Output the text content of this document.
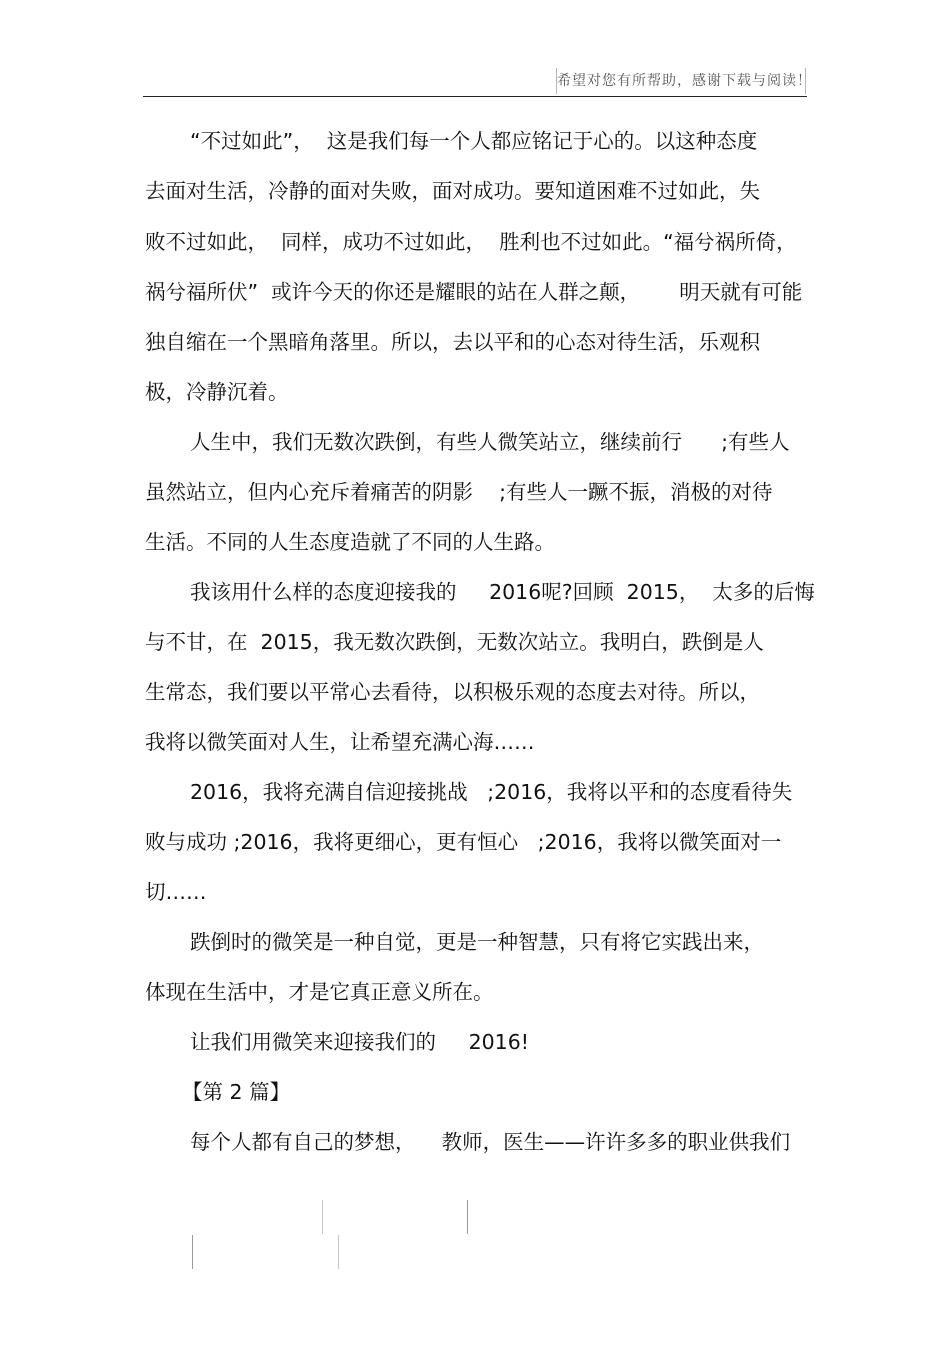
希望对您有所帮助，感谢下载与阅读！
“不过如此”，  这是我们每一个人都应铭记于心的。以这种态度
去面对生活，冷静的面对失败，面对成功。要知道困难不过如此，失
败不过如此，  同样，成功不过如此，  胜利也不过如此。“福兮祸所倚，
祸兮福所伏”  或许今天的你还是耀眼的站在人群之颠，      明天就有可能
独自缩在一个黑暗角落里。所以，去以平和的心态对待生活，乐观积
极，冷静沉着。
人生中，我们无数次跌倒，有些人微笑站立，继续前行      ;有些人
虽然站立，但内心充斥着痛苦的阴影    ;有些人一蹶不振，消极的对待
生活。不同的人生态度造就了不同的人生路。
我该用什么样的态度迎接我的     2016呢?回顾  2015，  太多的后悔
与不甘，在  2015，我无数次跌倒，无数次站立。我明白，跌倒是人
生常态，我们要以平常心去看待，以积极乐观的态度去对待。所以，
我将以微笑面对人生，让希望充满心海……
2016，我将充满自信迎接挑战   ;2016，我将以平和的态度看待失
败与成功 ;2016，我将更细心，更有恒心   ;2016，我将以微笑面对一
切……
跌倒时的微笑是一种自觉，更是一种智慧，只有将它实践出来，
体现在生活中，才是它真正意义所在。
让我们用微笑来迎接我们的     2016!
【第 2 篇】
每个人都有自己的梦想，    教师，医生——许许多多的职业供我们
